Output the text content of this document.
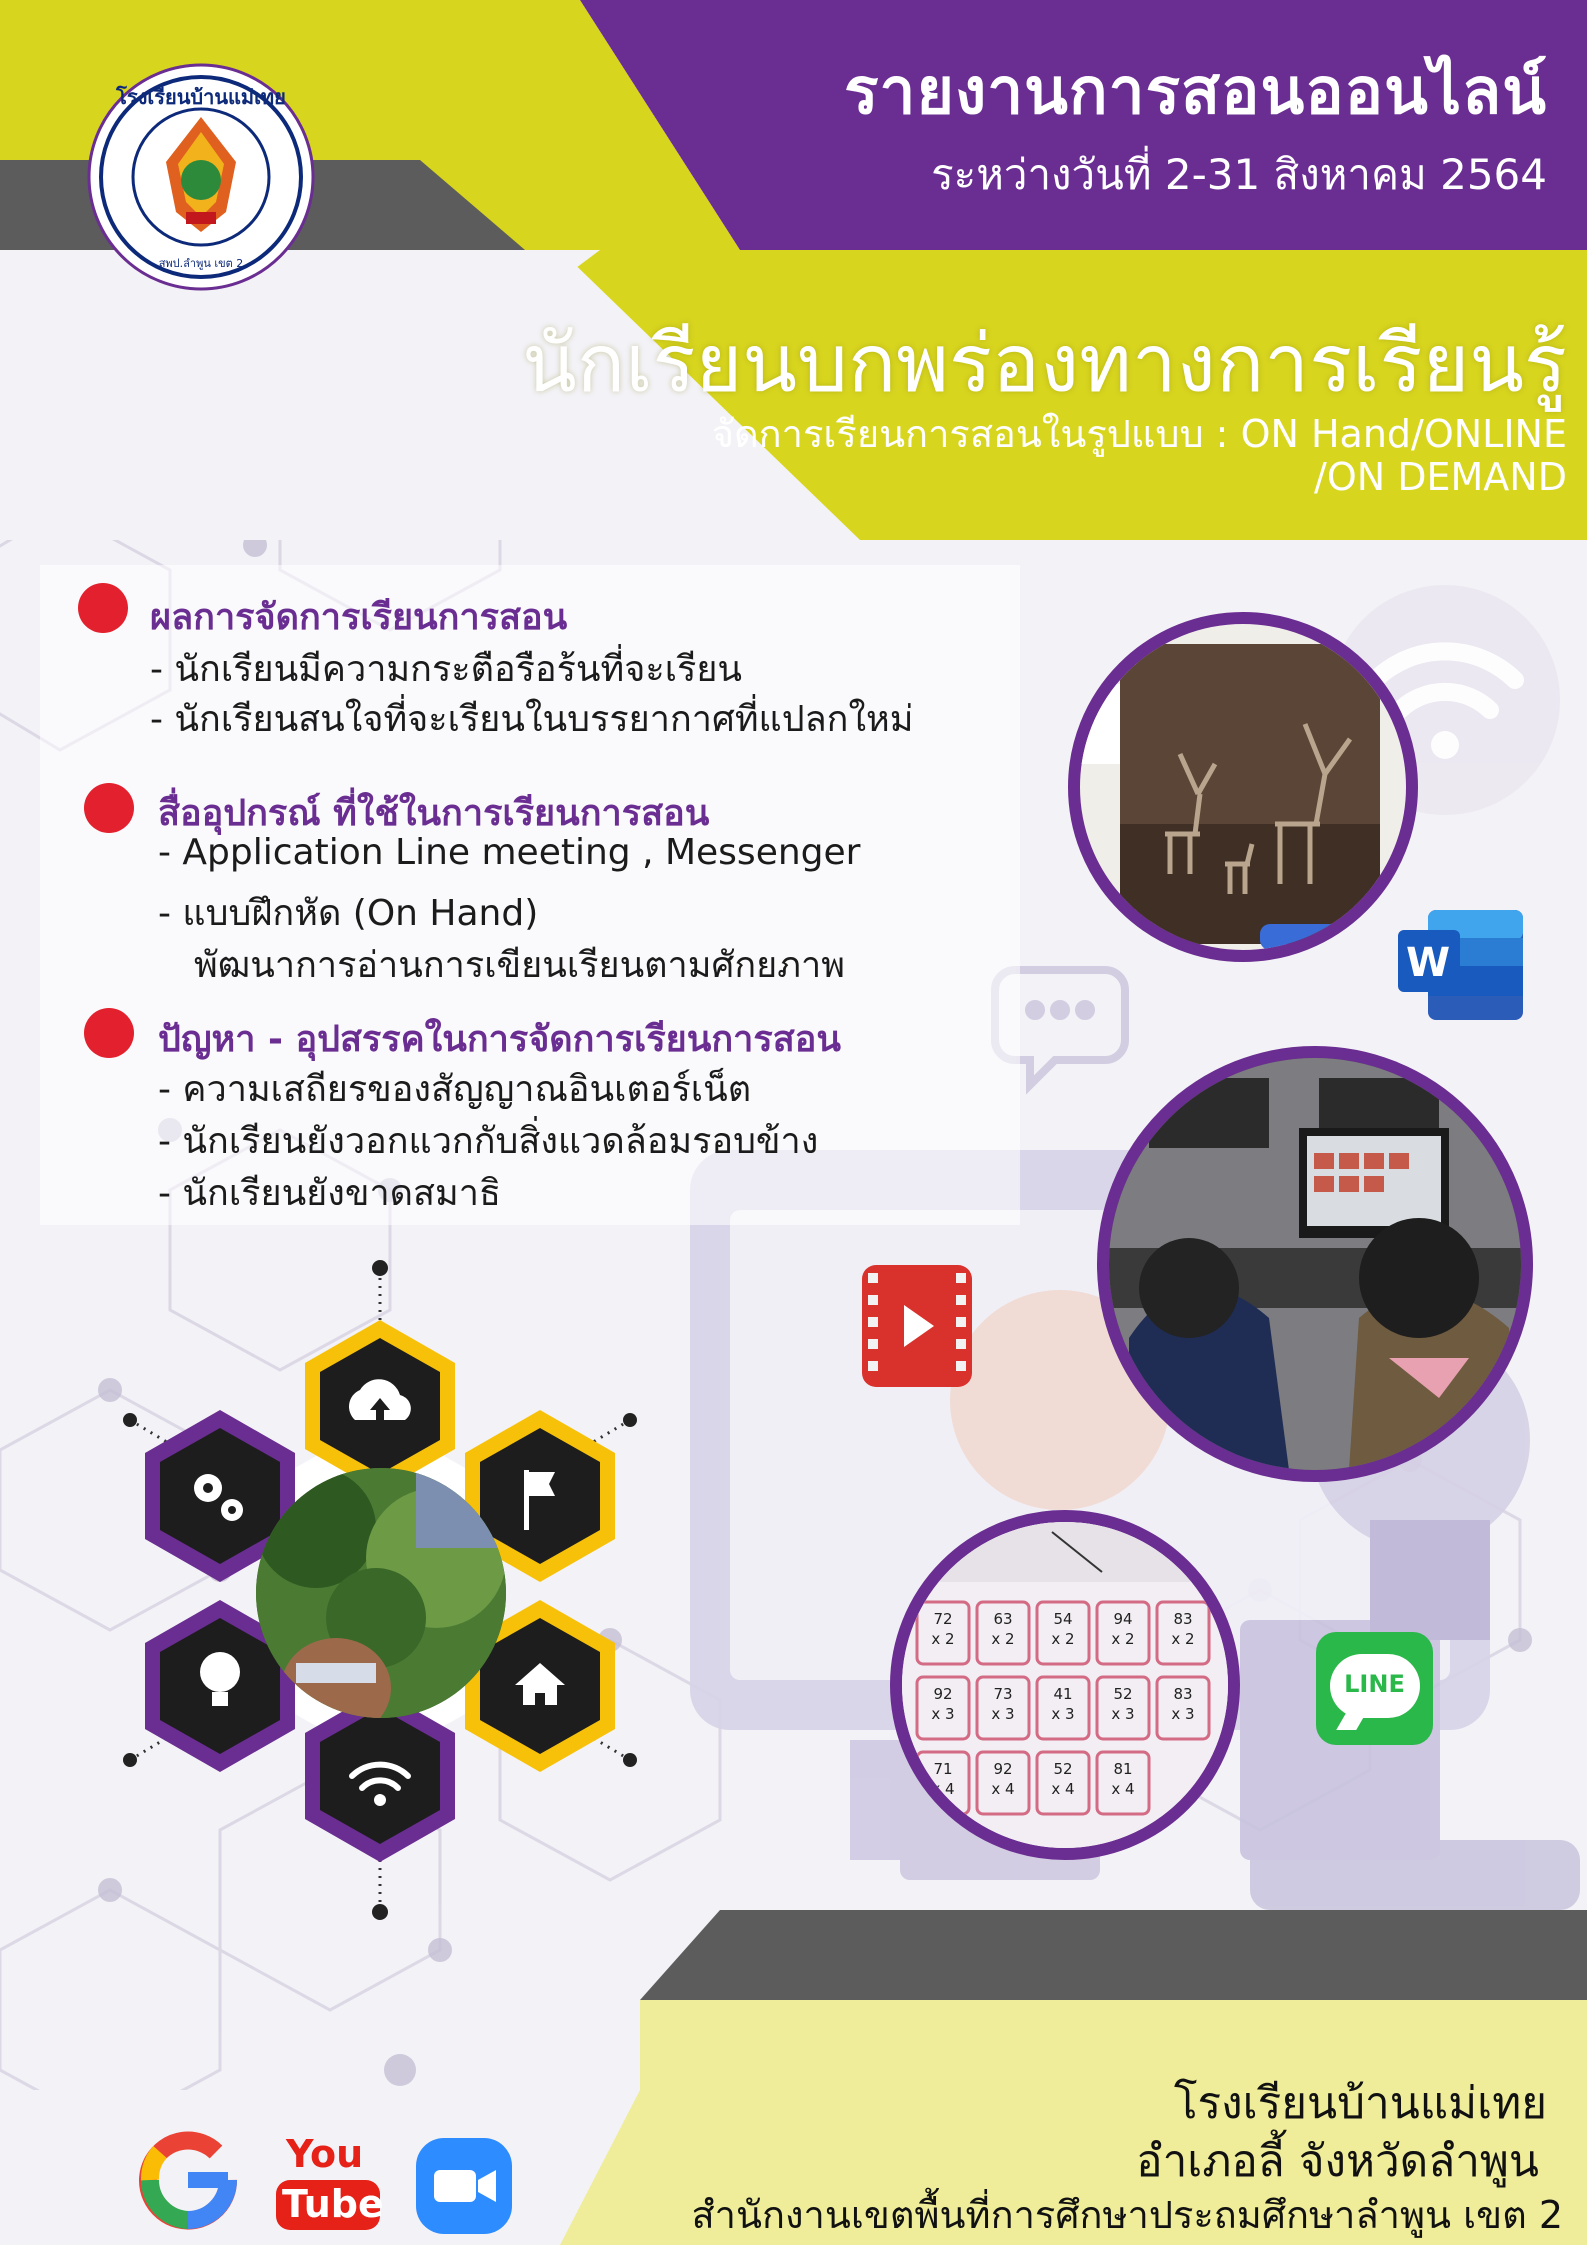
โรงเรียนบ้านแม่เทย
สพป.ลำพูน เขต 2
รายงานการสอนออนไลน์
ระหว่างวันที่ 2-31 สิงหาคม 2564
นักเรียนบกพร่องทางการเรียนรู้
จัดการเรียนการสอนในรูปแบบ : ON Hand/ONLINE
/ON DEMAND
ผลการจัดการเรียนการสอน
- นักเรียนมีความกระตือรือร้นที่จะเรียน
- นักเรียนสนใจที่จะเรียนในบรรยากาศที่แปลกใหม่
สื่ออุปกรณ์ ที่ใช้ในการเรียนการสอน
- Application Line meeting , Messenger
- แบบฝึกหัด (On Hand)
พัฒนาการอ่านการเขียนเรียนตามศักยภาพ
ปัญหา - อุปสรรคในการจัดการเรียนการสอน
- ความเสถียรของสัญญาณอินเตอร์เน็ต
- นักเรียนยังวอกแวกกับสิ่งแวดล้อมรอบข้าง
- นักเรียนยังขาดสมาธิ
72	63	54	94	83
x 2 x 2 x 2 x 2 x 2
92	73	41	52	83
x 3 x 3 x 3 x 3 x 3
71	92	52	81
x 4 x 4 x 4 x 4
W
LINE
You
Tube
โรงเรียนบ้านแม่เทย
อำเภอลี้ จังหวัดลำพูน
สำนักงานเขตพื้นที่การศึกษาประถมศึกษาลำพูน เขต 2
